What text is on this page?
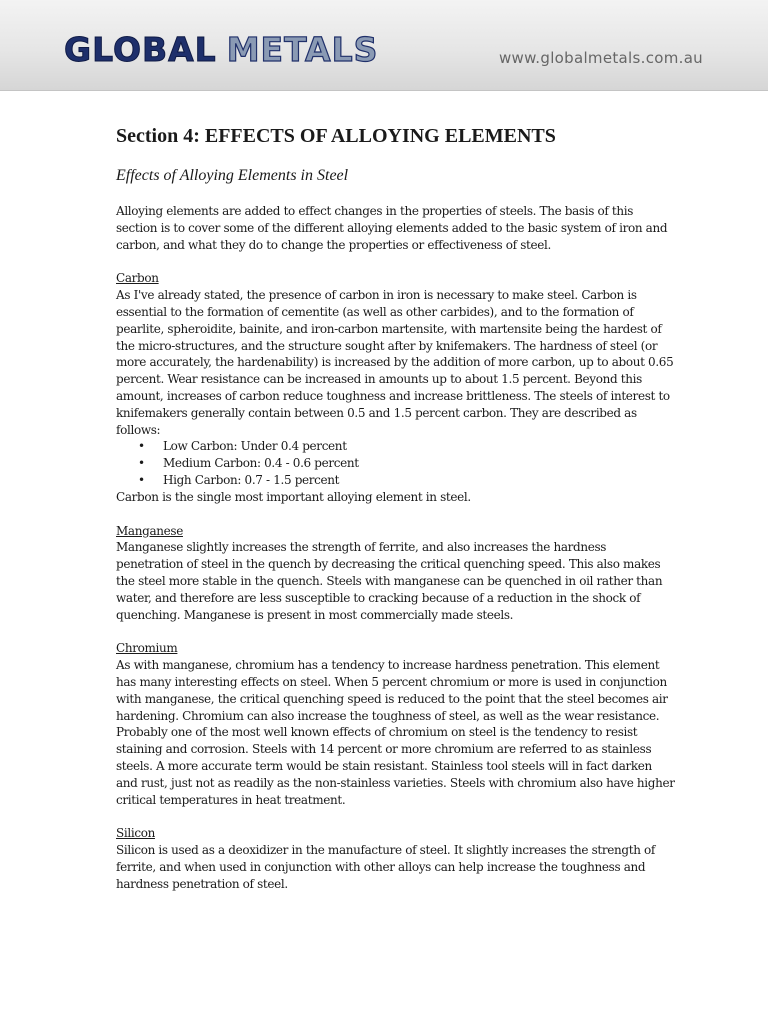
GLOBAL METALS	www.globalmetals.com.au
Section 4: EFFECTS OF ALLOYING ELEMENTS
Effects of Alloying Elements in Steel

Alloying elements are added to effect changes in the properties of steels. The basis of this section is to cover some of the different alloying elements added to the basic system of iron and carbon, and what they do to change the properties or effectiveness of steel.

Carbon

As I've already stated, the presence of carbon in iron is necessary to make steel. Carbon is essential to the formation of cementite (as well as other carbides), and to the formation of pearlite, spheroidite, bainite, and iron-carbon martensite, with martensite being the hardest of the micro-structures, and the structure sought after by knifemakers. The hardness of steel (or more accurately, the hardenability) is increased by the addition of more carbon, up to about 0.65 percent. Wear resistance can be increased in amounts up to about 1.5 percent. Beyond this amount, increases of carbon reduce toughness and increase brittleness. The steels of interest to knifemakers generally contain between 0.5 and 1.5 percent carbon. They are described as follows:

• Low Carbon: Under 0.4 percent
• Medium Carbon: 0.4 - 0.6 percent
• High Carbon: 0.7 - 1.5 percent

Carbon is the single most important alloying element in steel.

Manganese

Manganese slightly increases the strength of ferrite, and also increases the hardness penetration of steel in the quench by decreasing the critical quenching speed. This also makes the steel more stable in the quench. Steels with manganese can be quenched in oil rather than water, and therefore are less susceptible to cracking because of a reduction in the shock of quenching. Manganese is present in most commercially made steels.

Chromium

As with manganese, chromium has a tendency to increase hardness penetration. This element has many interesting effects on steel. When 5 percent chromium or more is used in conjunction with manganese, the critical quenching speed is reduced to the point that the steel becomes air hardening. Chromium can also increase the toughness of steel, as well as the wear resistance. Probably one of the most well known effects of chromium on steel is the tendency to resist staining and corrosion. Steels with 14 percent or more chromium are referred to as stainless steels. A more accurate term would be stain resistant. Stainless tool steels will in fact darken and rust, just not as readily as the non-stainless varieties. Steels with chromium also have higher critical temperatures in heat treatment.

Silicon

Silicon is used as a deoxidizer in the manufacture of steel. It slightly increases the strength of ferrite, and when used in conjunction with other alloys can help increase the toughness and hardness penetration of steel.
